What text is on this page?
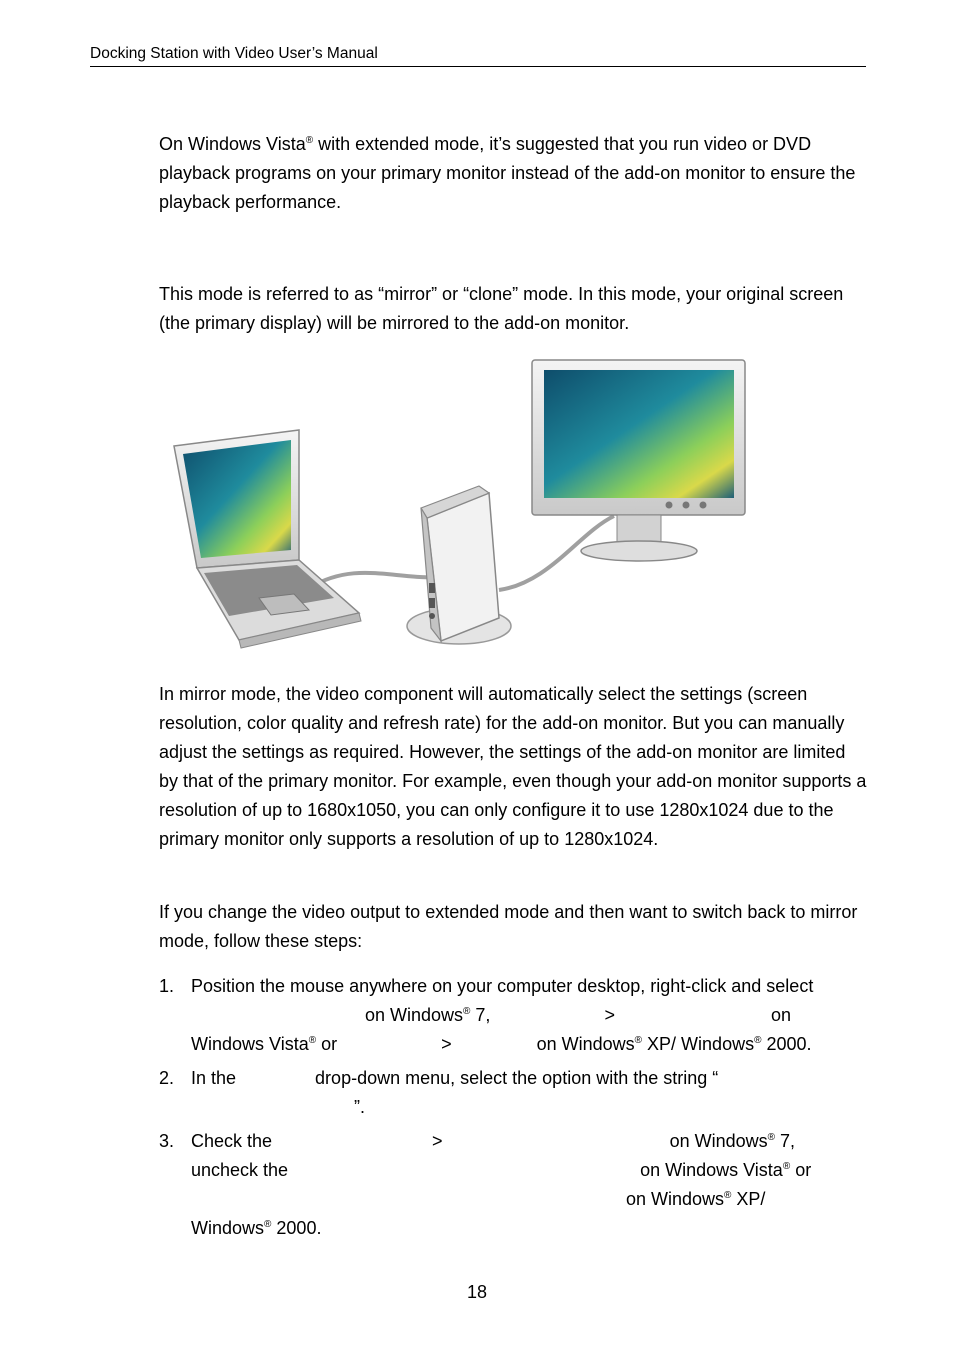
Docking Station with Video User’s Manual

On Windows Vista® with extended mode, it’s suggested that you run video or DVD playback programs on your primary monitor instead of the add-on monitor to ensure the playback performance.

This mode is referred to as “mirror” or “clone” mode. In this mode, your original screen (the primary display) will be mirrored to the add-on monitor.

In mirror mode, the video component will automatically select the settings (screen resolution, color quality and refresh rate) for the add-on monitor. But you can manually adjust the settings as required. However, the settings of the add-on monitor are limited by that of the primary monitor. For example, even though your add-on monitor supports a resolution of up to 1680x1050, you can only configure it to use 1280x1024 due to the primary monitor only supports a resolution of up to 1280x1024.

If you change the video output to extended mode and then want to switch back to mirror mode, follow these steps:

1. Position the mouse anywhere on your computer desktop, right-click and select
on Windows® 7,	>	on
Windows Vista® or	>	on Windows® XP/ Windows® 2000.
2. In the	drop-down menu, select the option with the string “
”.
3. Check the	>	on Windows® 7,
uncheck the	on Windows Vista® or
on Windows® XP/
Windows® 2000.
18
